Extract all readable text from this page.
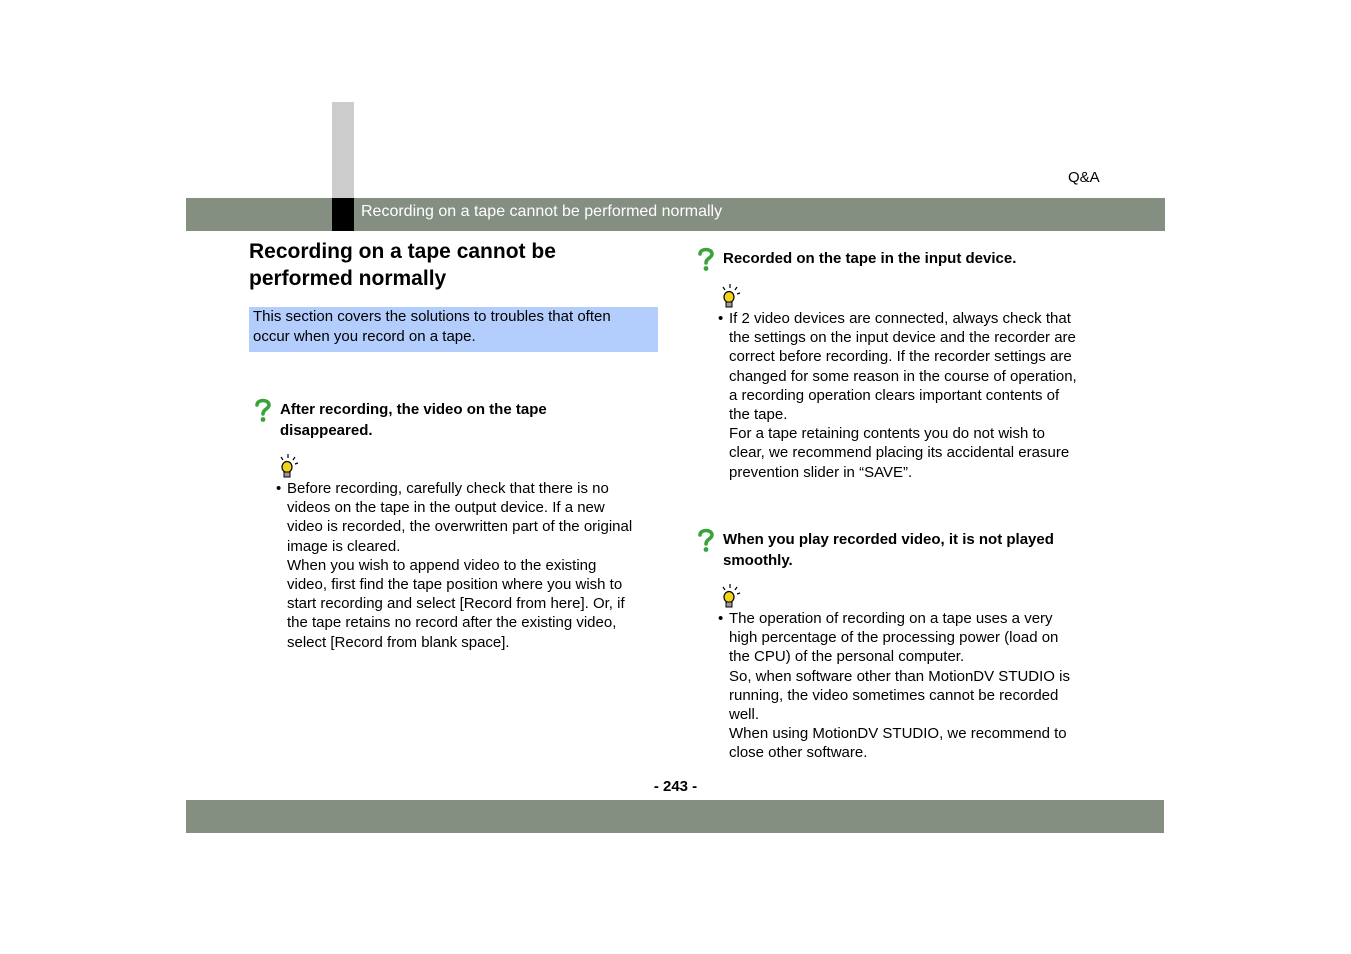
Q&A
Recording on a tape cannot be performed normally
Recording on a tape cannot be
performed normally
This section covers the solutions to troubles that often
occur when you record on a tape.
After recording, the video on the tape
disappeared.
• Before recording, carefully check that there is no
videos on the tape in the output device. If a new
video is recorded, the overwritten part of the original
image is cleared.
When you wish to append video to the existing
video, first find the tape position where you wish to
start recording and select [Record from here]. Or, if
the tape retains no record after the existing video,
select [Record from blank space].

Recorded on the tape in the input device.
• If 2 video devices are connected, always check that
the settings on the input device and the recorder are
correct before recording. If the recorder settings are
changed for some reason in the course of operation,
a recording operation clears important contents of
the tape.
For a tape retaining contents you do not wish to
clear, we recommend placing its accidental erasure
prevention slider in “SAVE”.

When you play recorded video, it is not played
smoothly.
• The operation of recording on a tape uses a very
high percentage of the processing power (load on
the CPU) of the personal computer.
So, when software other than MotionDV STUDIO is
running, the video sometimes cannot be recorded
well.
When using MotionDV STUDIO, we recommend to
close other software.

- 243 -
